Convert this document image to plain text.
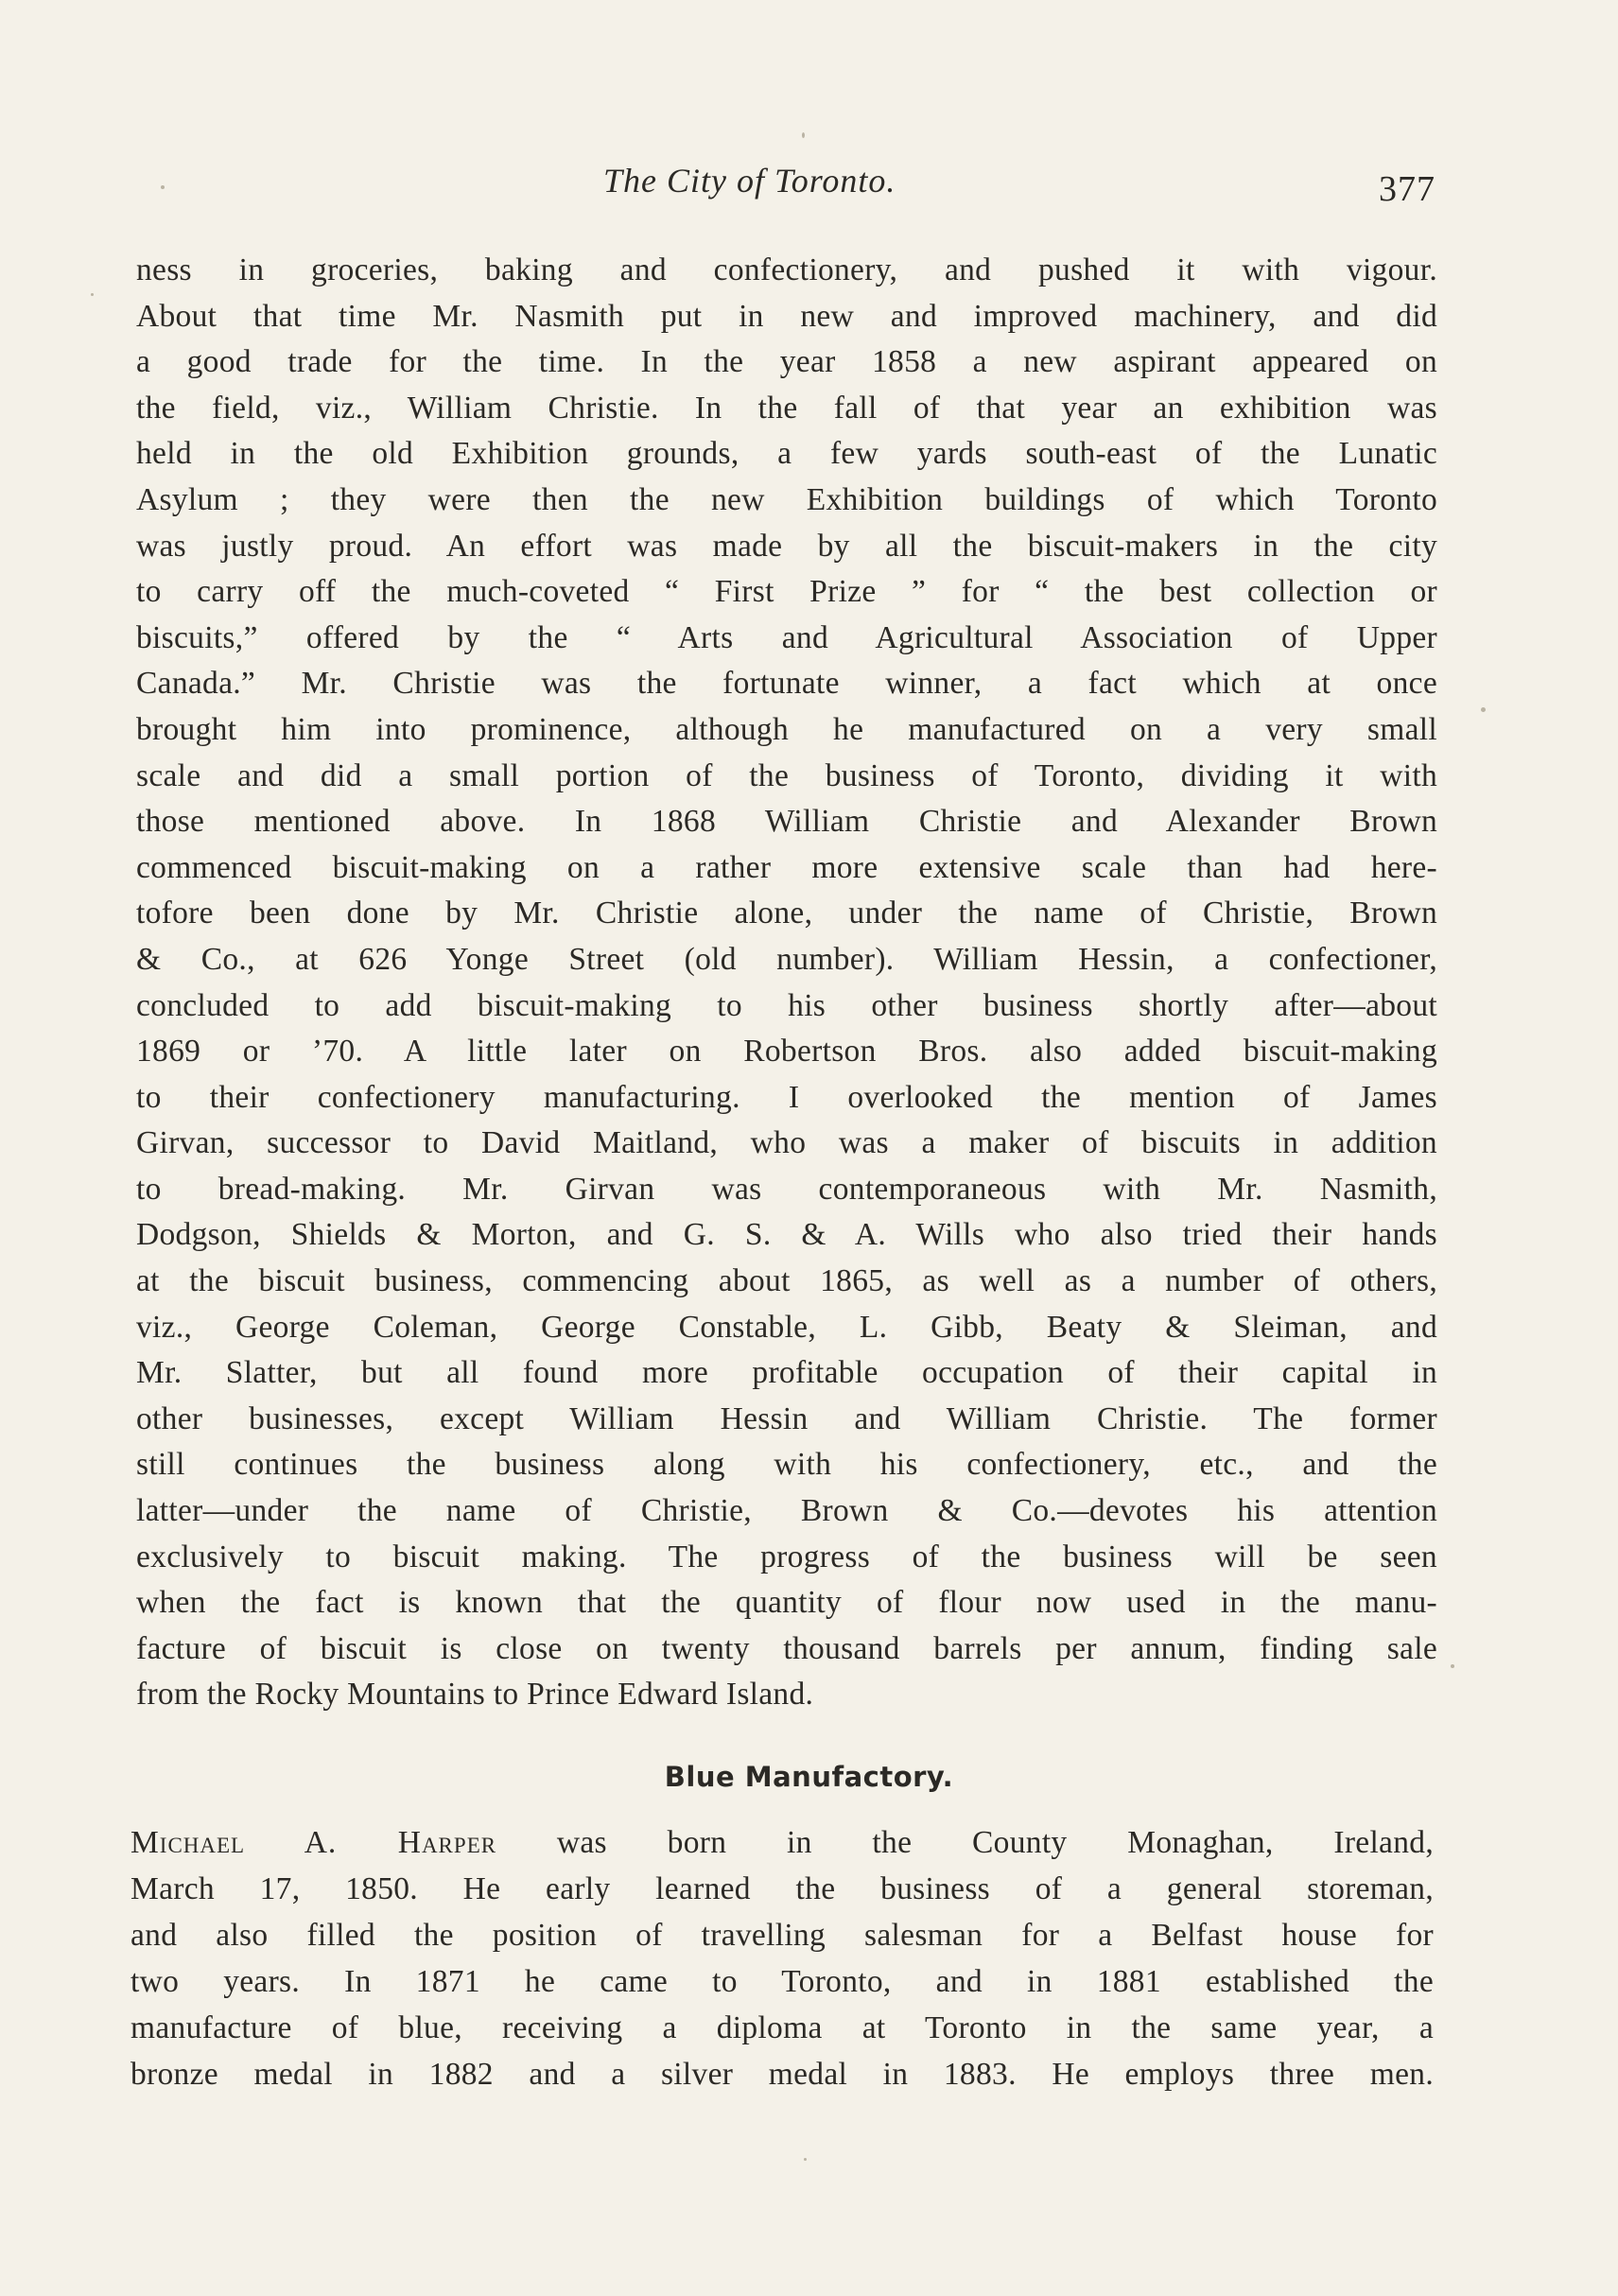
The City of Toronto.	377
ness in groceries, baking and confectionery, and pushed it with vigour.
About that time Mr. Nasmith put in new and improved machinery, and did
a good trade for the time. In the year 1858 a new aspirant appeared on
the field, viz., William Christie. In the fall of that year an exhibition was
held in the old Exhibition grounds, a few yards south-east of the Lunatic
Asylum ; they were then the new Exhibition buildings of which Toronto
was justly proud. An effort was made by all the biscuit-makers in the city
to carry off the much-coveted “ First Prize ” for “ the best collection or
biscuits,” offered by the “ Arts and Agricultural Association of Upper
Canada.” Mr. Christie was the fortunate winner, a fact which at once
brought him into prominence, although he manufactured on a very small
scale and did a small portion of the business of Toronto, dividing it with
those mentioned above. In 1868 William Christie and Alexander Brown
commenced biscuit-making on a rather more extensive scale than had here-
tofore been done by Mr. Christie alone, under the name of Christie, Brown
& Co., at 626 Yonge Street (old number). William Hessin, a confectioner,
concluded to add biscuit-making to his other business shortly after—about
1869 or ’70. A little later on Robertson Bros. also added biscuit-making
to their confectionery manufacturing. I overlooked the mention of James
Girvan, successor to David Maitland, who was a maker of biscuits in addition
to bread-making. Mr. Girvan was contemporaneous with Mr. Nasmith,
Dodgson, Shields & Morton, and G. S. & A. Wills who also tried their hands
at the biscuit business, commencing about 1865, as well as a number of others,
viz., George Coleman, George Constable, L. Gibb, Beaty & Sleiman, and
Mr. Slatter, but all found more profitable occupation of their capital in
other businesses, except William Hessin and William Christie. The former
still continues the business along with his confectionery, etc., and the
latter—under the name of Christie, Brown & Co.—devotes his attention
exclusively to biscuit making. The progress of the business will be seen
when the fact is known that the quantity of flour now used in the manu-
facture of biscuit is close on twenty thousand barrels per annum, finding sale
from the Rocky Mountains to Prince Edward Island.
Blue Manufactory.
Michael A. Harper was born in the County Monaghan, Ireland,
March 17, 1850. He early learned the business of a general storeman,
and also filled the position of travelling salesman for a Belfast house for
two years. In 1871 he came to Toronto, and in 1881 established the
manufacture of blue, receiving a diploma at Toronto in the same year, a
bronze medal in 1882 and a silver medal in 1883. He employs three men.
